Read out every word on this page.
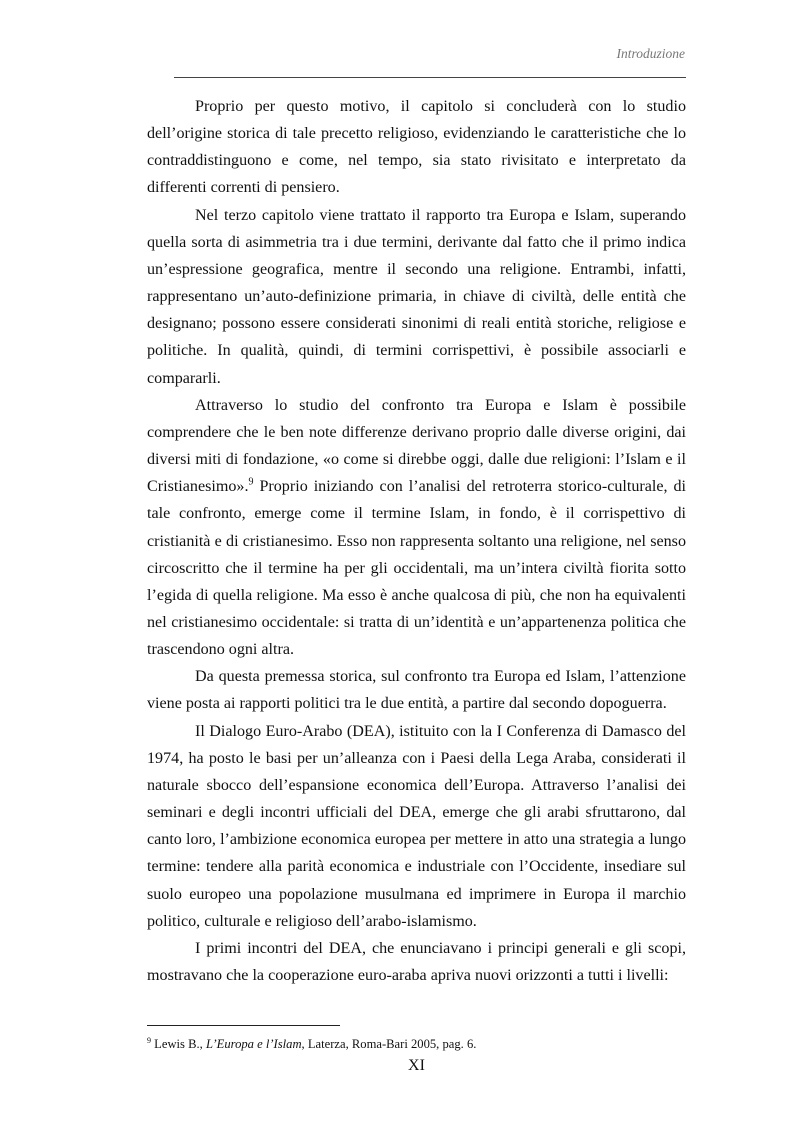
Introduzione

Proprio per questo motivo, il capitolo si concluderà con lo studio dell’origine storica di tale precetto religioso, evidenziando le caratteristiche che lo contraddistinguono e come, nel tempo, sia stato rivisitato e interpretato da differenti correnti di pensiero.

Nel terzo capitolo viene trattato il rapporto tra Europa e Islam, superando quella sorta di asimmetria tra i due termini, derivante dal fatto che il primo indica un’espressione geografica, mentre il secondo una religione. Entrambi, infatti, rappresentano un’auto-definizione primaria, in chiave di civiltà, delle entità che designano; possono essere considerati sinonimi di reali entità storiche, religiose e politiche. In qualità, quindi, di termini corrispettivi, è possibile associarli e compararli.

Attraverso lo studio del confronto tra Europa e Islam è possibile comprendere che le ben note differenze derivano proprio dalle diverse origini, dai diversi miti di fondazione, «o come si direbbe oggi, dalle due religioni: l’Islam e il Cristianesimo».$^9$ Proprio iniziando con l’analisi del retroterra storico-culturale, di tale confronto, emerge come il termine Islam, in fondo, è il corrispettivo di cristianità e di cristianesimo. Esso non rappresenta soltanto una religione, nel senso circoscritto che il termine ha per gli occidentali, ma un’intera civiltà fiorita sotto l’egida di quella religione. Ma esso è anche qualcosa di più, che non ha equivalenti nel cristianesimo occidentale: si tratta di un’identità e un’appartenenza politica che trascendono ogni altra.

Da questa premessa storica, sul confronto tra Europa ed Islam, l’attenzione viene posta ai rapporti politici tra le due entità, a partire dal secondo dopoguerra.

Il Dialogo Euro-Arabo (DEA), istituito con la I Conferenza di Damasco del 1974, ha posto le basi per un’alleanza con i Paesi della Lega Araba, considerati il naturale sbocco dell’espansione economica dell’Europa. Attraverso l’analisi dei seminari e degli incontri ufficiali del DEA, emerge che gli arabi sfruttarono, dal canto loro, l’ambizione economica europea per mettere in atto una strategia a lungo termine: tendere alla parità economica e industriale con l’Occidente, insediare sul suolo europeo una popolazione musulmana ed imprimere in Europa il marchio politico, culturale e religioso dell’arabo-islamismo.

I primi incontri del DEA, che enunciavano i principi generali e gli scopi, mostravano che la cooperazione euro-araba apriva nuovi orizzonti a tutti i livelli:

$^9$ Lewis B., L’Europa e l’Islam, Laterza, Roma-Bari 2005, pag. 6.
XI
